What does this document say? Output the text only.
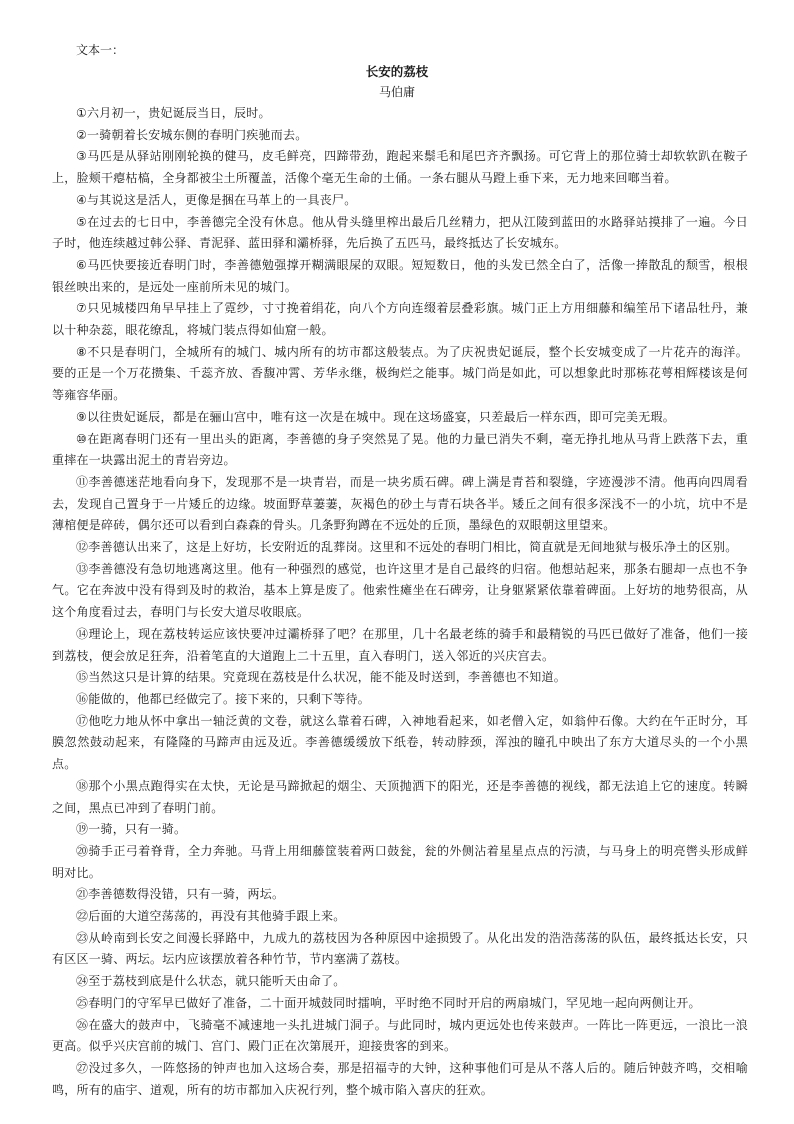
文本一：
长安的荔枝
马伯庸

①六月初一，贵妃诞辰当日，辰时。

②一骑朝着长安城东侧的春明门疾驰而去。

③马匹是从驿站刚刚轮换的健马，皮毛鲜亮，四蹄带劲，跑起来鬃毛和尾巴齐齐飘扬。可它背上的那位骑士却软软趴在鞍子上，脸颊干瘪枯槁，全身都被尘土所覆盖，活像个毫无生命的土俑。一条右腿从马蹬上垂下来，无力地来回啷当着。

④与其说这是活人，更像是捆在马革上的一具丧尸。

⑤在过去的七日中，李善德完全没有休息。他从骨头缝里榨出最后几丝精力，把从江陵到蓝田的水路驿站摸排了一遍。今日子时，他连续越过韩公驿、青泥驿、蓝田驿和灞桥驿，先后换了五匹马，最终抵达了长安城东。

⑥马匹快要接近春明门时，李善德勉强撑开糊满眼屎的双眼。短短数日，他的头发已然全白了，活像一捧散乱的颓雪，根根银丝映出来的，是远处一座前所未见的城门。

⑦只见城楼四角早早挂上了霓纱，寸寸挽着绢花，向八个方向连缀着层叠彩旗。城门正上方用细藤和编笙吊下诸品牡丹，兼以十种杂蕊，眼花缭乱，将城门装点得如仙窟一般。

⑧不只是春明门，全城所有的城门、城内所有的坊市都这般装点。为了庆祝贵妃诞辰，整个长安城变成了一片花卉的海洋。要的正是一个万花攒集、千蕊齐放、香馥冲霄、芳华永继，极绚烂之能事。城门尚是如此，可以想象此时那栋花萼相辉楼该是何等雍容华丽。

⑨以往贵妃诞辰，都是在骊山宫中，唯有这一次是在城中。现在这场盛宴，只差最后一样东西，即可完美无瑕。

⑩在距离春明门还有一里出头的距离，李善德的身子突然晃了晃。他的力量已消失不剩，毫无挣扎地从马背上跌落下去，重重摔在一块露出泥土的青岩旁边。

⑪李善德迷茫地看向身下，发现那不是一块青岩，而是一块劣质石碑。碑上满是青苔和裂缝，字迹漫涉不清。他再向四周看去，发现自己置身于一片矮丘的边缘。坡面野草萋萋，灰褐色的砂土与青石块各半。矮丘之间有很多深浅不一的小坑，坑中不是薄棺便是碎砖，偶尔还可以看到白森森的骨头。几条野狗蹲在不远处的丘顶，墨绿色的双眼朝这里望来。

⑫李善德认出来了，这是上好坊，长安附近的乱葬岗。这里和不远处的春明门相比，简直就是无间地狱与极乐净土的区别。

⑬李善德没有急切地逃离这里。他有一种强烈的感觉，也许这里才是自己最终的归宿。他想站起来，那条右腿却一点也不争气。它在奔波中没有得到及时的救治，基本上算是废了。他索性瘫坐在石碑旁，让身躯紧紧依靠着碑面。上好坊的地势很高，从这个角度看过去，春明门与长安大道尽收眼底。

⑭理论上，现在荔枝转运应该快要冲过灞桥驿了吧？在那里，几十名最老练的骑手和最精锐的马匹已做好了准备，他们一接到荔枝，便会放足狂奔，沿着笔直的大道跑上二十五里，直入春明门，送入邻近的兴庆宫去。

⑮当然这只是计算的结果。究竟现在荔枝是什么状况，能不能及时送到，李善德也不知道。

⑯能做的，他都已经做完了。接下来的，只剩下等待。

⑰他吃力地从怀中拿出一轴泛黄的文卷，就这么靠着石碑，入神地看起来，如老僧入定，如翁仲石像。大约在午正时分，耳膜忽然鼓动起来，有隆隆的马蹄声由远及近。李善德缓缓放下纸卷，转动脖颈，浑浊的瞳孔中映出了东方大道尽头的一个小黑点。

⑱那个小黑点跑得实在太快，无论是马蹄掀起的烟尘、天顶抛洒下的阳光，还是李善德的视线，都无法追上它的速度。转瞬之间，黑点已冲到了春明门前。

⑲一骑，只有一骑。

⑳骑手正弓着脊背，全力奔驰。马背上用细藤筐装着两口鼓瓮，瓮的外侧沾着星星点点的污渍，与马身上的明亮辔头形成鲜明对比。

㉑李善德数得没错，只有一骑，两坛。

㉒后面的大道空荡荡的，再没有其他骑手跟上来。

㉓从岭南到长安之间漫长驿路中，九成九的荔枝因为各种原因中途损毁了。从化出发的浩浩荡荡的队伍，最终抵达长安，只有区区一骑、两坛。坛内应该摆放着各种竹节，节内塞满了荔枝。

㉔至于荔枝到底是什么状态，就只能听天由命了。

㉕春明门的守军早已做好了准备，二十面开城鼓同时擂响，平时绝不同时开启的两扇城门，罕见地一起向两侧让开。

㉖在盛大的鼓声中，飞骑毫不减速地一头扎进城门洞子。与此同时，城内更远处也传来鼓声。一阵比一阵更远，一浪比一浪更高。似乎兴庆宫前的城门、宫门、殿门正在次第展开，迎接贵客的到来。

㉗没过多久，一阵悠扬的钟声也加入这场合奏，那是招福寺的大钟，这种事他们可是从不落人后的。随后钟鼓齐鸣，交相喻鸣，所有的庙宇、道观，所有的坊市都加入庆祝行列，整个城市陷入喜庆的狂欢。
